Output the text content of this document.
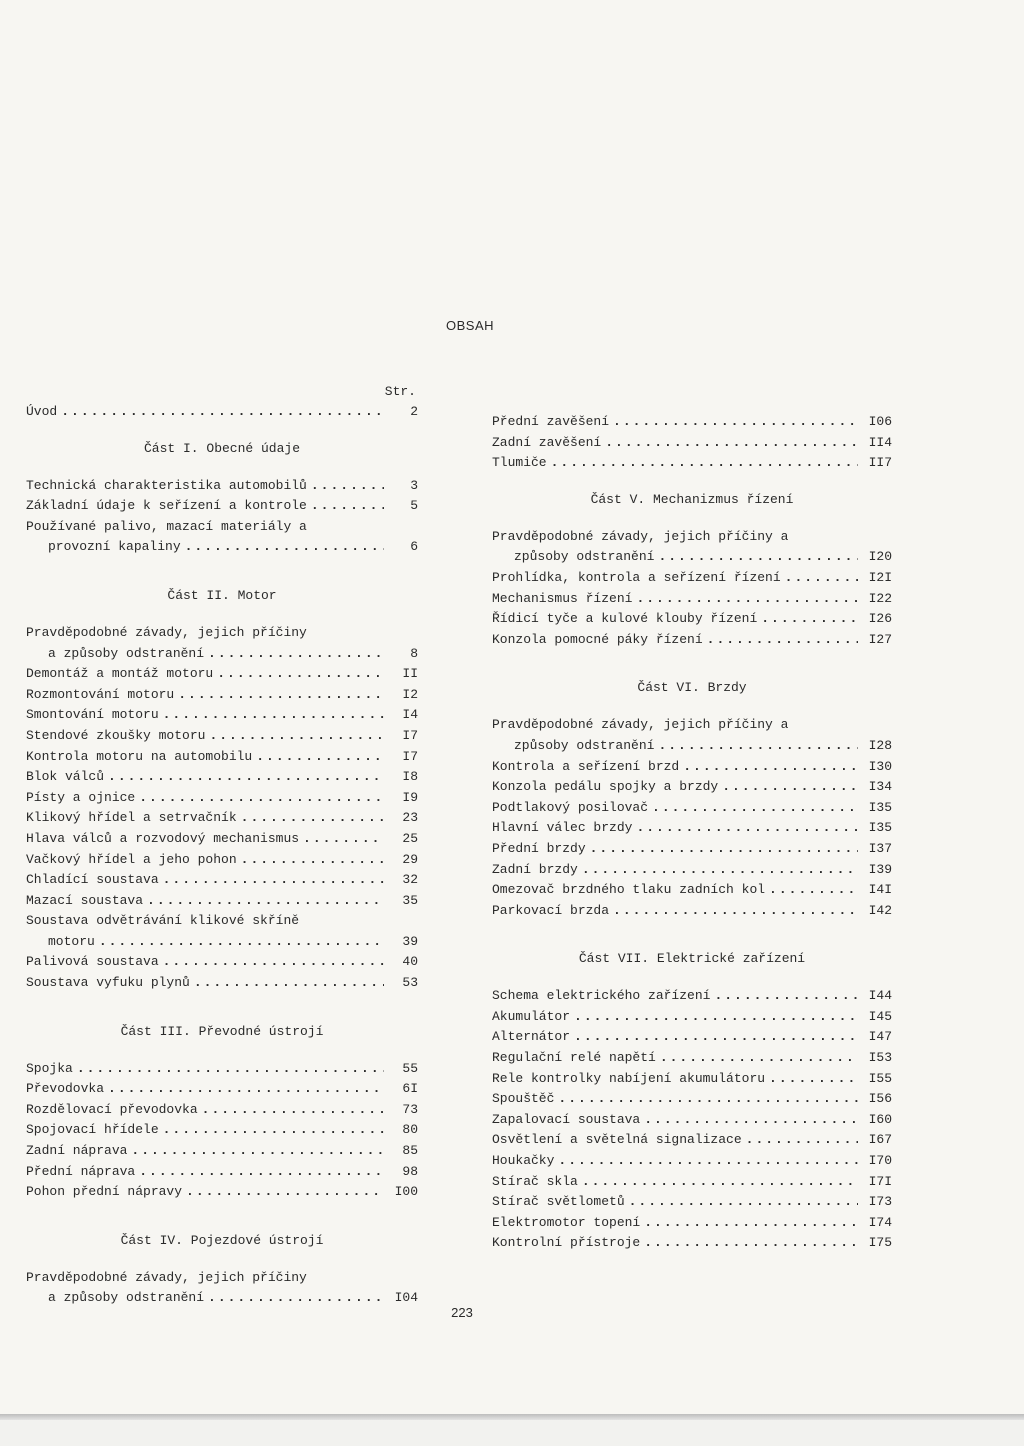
OBSAH
Str.
Úvod .....	2
Část I. Obecné údaje
Technická charakteristika automobilů .....	3
Základní údaje k seřízení a kontrole .....	5
Používané palivo, mazací materiály a
provozní kapaliny .....	6
Část II. Motor
Pravděpodobné závady, jejich příčiny
a způsoby odstranění .....	8
Demontáž a montáž motoru .....	II
Rozmontování motoru .....	I2
Smontování motoru .....	I4
Stendové zkoušky motoru .....	I7
Kontrola motoru na automobilu .....	I7
Blok válců .....	I8
Písty a ojnice .....	I9
Klikový hřídel a setrvačník .....	23
Hlava válců a rozvodový mechanismus .....	25
Vačkový hřídel a jeho pohon .....	29
Chladící soustava .....	32
Mazací soustava .....	35
Soustava odvětrávání klikové skříně
motoru .....	39
Palivová soustava .....	40
Soustava vyfuku plynů .....	53
Část III. Převodné ústrojí
Spojka .....	55
Převodovka .....	6I
Rozdělovací převodovka .....	73
Spojovací hřídele .....	80
Zadní náprava .....	85
Přední náprava .....	98
Pohon přední nápravy .....	I00
Část IV. Pojezdové ústrojí
Pravděpodobné závady, jejich příčiny
a způsoby odstranění .....	I04
Přední zavěšení .....	I06
Zadní zavěšení .....	II4
Tlumiče .....	II7
Část V. Mechanizmus řízení
Pravděpodobné závady, jejich příčiny a
způsoby odstranění .....	I20
Prohlídka, kontrola a seřízení řízení .....	I2I
Mechanismus řízení .....	I22
Řídicí tyče a kulové klouby řízení .....	I26
Konzola pomocné páky řízení .....	I27
Část VI. Brzdy
Pravděpodobné závady, jejich příčiny a
způsoby odstranění .....	I28
Kontrola a seřízení brzd .....	I30
Konzola pedálu spojky a brzdy .....	I34
Podtlakový posilovač .....	I35
Hlavní válec brzdy .....	I35
Přední brzdy .....	I37
Zadní brzdy .....	I39
Omezovač brzdného tlaku zadních kol .....	I4I
Parkovací brzda .....	I42
Část VII. Elektrické zařízení
Schema elektrického zařízení .....	I44
Akumulátor .....	I45
Alternátor .....	I47
Regulační relé napětí .....	I53
Rele kontrolky nabíjení akumulátoru .....	I55
Spouštěč .....	I56
Zapalovací soustava .....	I60
Osvětlení a světelná signalizace .....	I67
Houkačky .....	I70
Stírač skla .....	I7I
Stírač světlometů .....	I73
Elektromotor topení .....	I74
Kontrolní přístroje .....	I75
223
